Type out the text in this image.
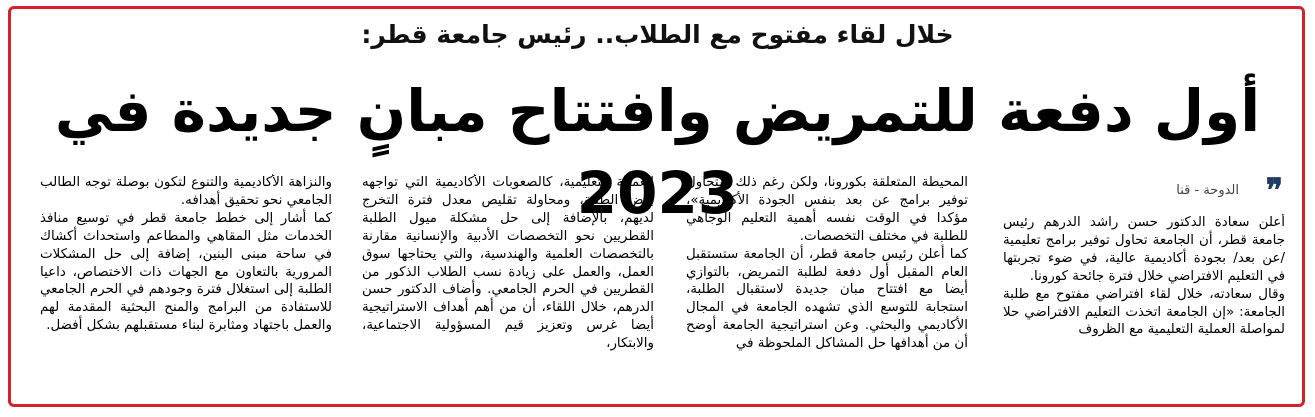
خلال لقاء مفتوح مع الطلاب.. رئيس جامعة قطر:
أول دفعة للتمريض وافتتاح مبانٍ جديدة في 2023	❞
الدوحة - قنا

أعلن سعادة الدكتور حسن راشد الدرهم رئيس جامعة قطر، أن الجامعة تحاول توفير برامج تعليمية /عن بعد/ بجودة أكاديمية عالية، في ضوء تجربتها في التعليم الافتراضي خلال فترة جائحة كورونا.

وقال سعادته، خلال لقاء افتراضي مفتوح مع طلبة الجامعة: «إن الجامعة اتخذت التعليم الافتراضي حلا لمواصلة العملية التعليمية مع الظروف

المحيطة المتعلقة بكورونا، ولكن رغم ذلك ستحاول توفير برامج عن بعد بنفس الجودة الأكاديمية»، مؤكدا في الوقت نفسه أهمية التعليم الوجاهي للطلبة في مختلف التخصصات.

كما أعلن رئيس جامعة قطر، أن الجامعة ستستقبل العام المقبل أول دفعة لطلبة التمريض، بالتوازي أيضا مع افتتاح مبان جديدة لاستقبال الطلبة، استجابة للتوسع الذي تشهده الجامعة في المجال الأكاديمي والبحثي. وعن استراتيجية الجامعة أوضح أن من أهدافها حل المشاكل الملحوظة في

العملية التعليمية، كالصعوبات الأكاديمية التي تواجهه بعض الطلبة، ومحاولة تقليص معدل فترة التخرج لديهم، بالإضافة إلى حل مشكلة ميول الطلبة القطريين نحو التخصصات الأدبية والإنسانية مقارنة بالتخصصات العلمية والهندسية، والتي يحتاجها سوق العمل، والعمل على زيادة نسب الطلاب الذكور من القطريين في الحرم الجامعي. وأضاف الدكتور حسن الدرهم، خلال اللقاء، أن من أهم أهداف الاستراتيجية أيضا غرس وتعزيز قيم المسؤولية الاجتماعية، والابتكار،

والنزاهة الأكاديمية والتنوع لتكون بوصلة توجه الطالب الجامعي نحو تحقيق أهدافه.

كما أشار إلى خطط جامعة قطر في توسيع منافذ الخدمات مثل المقاهي والمطاعم واستحداث أكشاك في ساحة مبنى البنين، إضافة إلى حل المشكلات المرورية بالتعاون مع الجهات ذات الاختصاص، داعيا الطلبة إلى استغلال فترة وجودهم في الحرم الجامعي للاستفادة من البرامج والمنح البحثية المقدمة لهم والعمل باجتهاد ومثابرة لبناء مستقبلهم بشكل أفضل.
